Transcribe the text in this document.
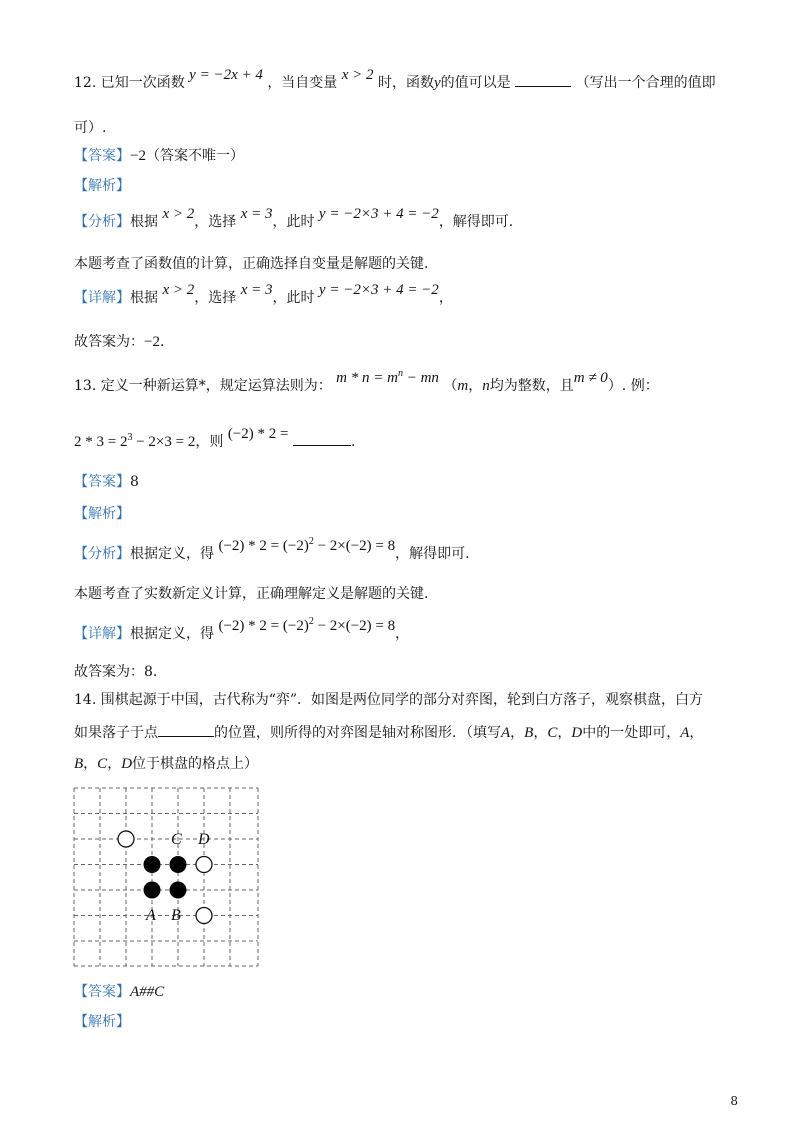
12. 已知一次函数 y = −2x + 4 ，当自变量 x > 2 时，函数y的值可以是	（写出一个合理的值即
可）.
【答案】−2（答案不唯一）
【解析】
【分析】根据 x > 2，选择 x = 3，此时 y = −2×3 + 4 = −2，解得即可.
本题考查了函数值的计算，正确选择自变量是解题的关键.
【详解】根据 x > 2，选择 x = 3，此时 y = −2×3 + 4 = −2，
故答案为：−2.
13. 定义一种新运算*，规定运算法则为： $m * n = m^n$ − mn （m，n均为整数，且m ≠ 0）. 例：
$2 * 3 = 2^3 - 2\times 3 = 2$，则 (−2) * 2 =	.
【答案】8
【解析】
【分析】根据定义，得 $(-2) * 2 = (-2)^2 - 2\times(-2) = 8$，解得即可.
本题考查了实数新定义计算，正确理解定义是解题的关键.
【详解】根据定义，得 $(-2) * 2 = (-2)^2 - 2\times(-2) = 8$，
故答案为：8.
14. 围棋起源于中国，古代称为“弈”．如图是两位同学的部分对弈图，轮到白方落子，观察棋盘，白方
如果落子于点	的位置，则所得的对弈图是轴对称图形．（填写A，B，C，D中的一处即可，A，
B，C，D位于棋盘的格点上）
C D
A B
【答案】A##C
【解析】
8
